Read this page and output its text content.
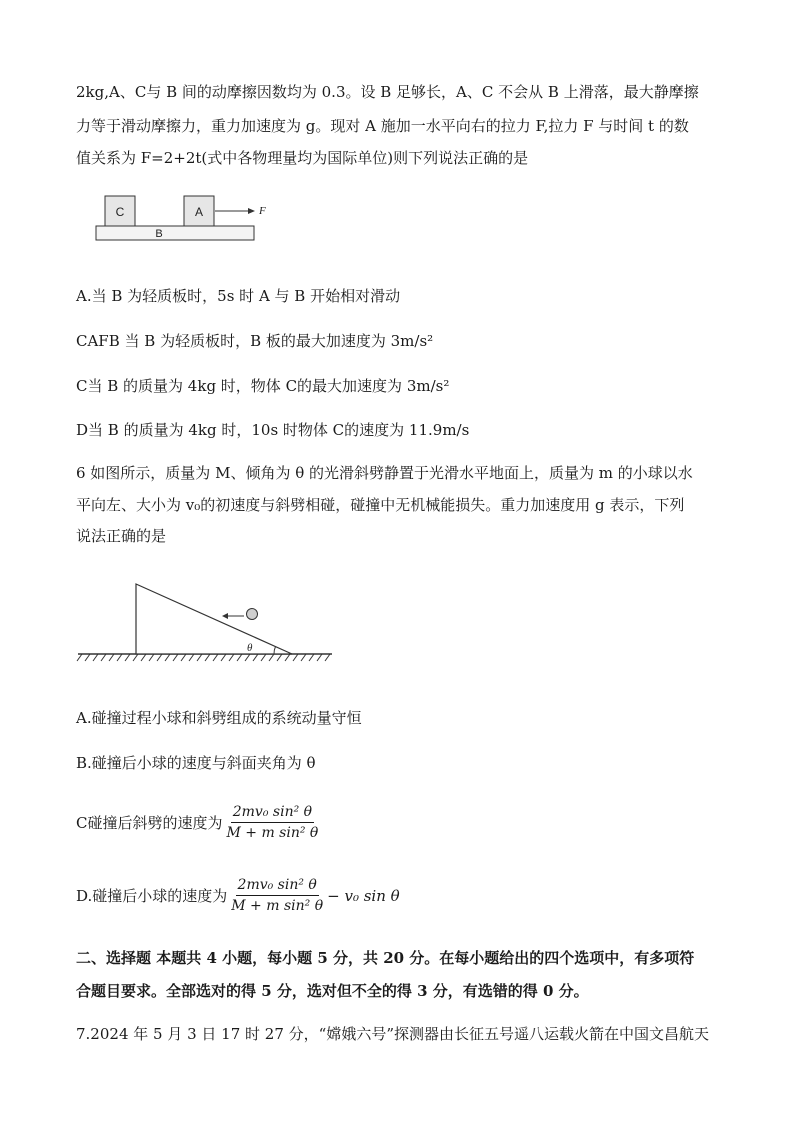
2kg,A、C与 B 间的动摩擦因数均为 0.3。设 B 足够长，A、C 不会从 B 上滑落，最大静摩擦
力等于滑动摩擦力，重力加速度为 g。现对 A 施加一水平向右的拉力 F,拉力 F 与时间 t 的数
值关系为 F=2+2t(式中各物理量均为国际单位)则下列说法正确的是
C	A
B
F
A.当 B 为轻质板时，5s 时 A 与 B 开始相对滑动
CAFB 当 B 为轻质板时，B 板的最大加速度为 3m/s²
C当 B 的质量为 4kg 时，物体 C的最大加速度为 3m/s²
D当 B 的质量为 4kg 时，10s 时物体 C的速度为 11.9m/s
6 如图所示，质量为 M、倾角为 θ 的光滑斜劈静置于光滑水平地面上，质量为 m 的小球以水
平向左、大小为 v₀的初速度与斜劈相碰，碰撞中无机械能损失。重力加速度用 g 表示，下列
说法正确的是
θ
A.碰撞过程小球和斜劈组成的系统动量守恒
B.碰撞后小球的速度与斜面夹角为 θ
C碰撞后斜劈的速度为 $\frac{\text{2mv₀ sin² θ}}{\text{M + m sin² θ}}$
D.碰撞后小球的速度为 $\frac{\text{2mv₀ sin² θ}}{\text{M + m sin² θ}} - v_0$ sin θ
二、选择题 本题共 4 小题，每小题 5 分，共 20 分。在每小题给出的四个选项中，有多项符
合题目要求。全部选对的得 5 分，选对但不全的得 3 分，有选错的得 0 分。
7.2024 年 5 月 3 日 17 时 27 分，“嫦娥六号”探测器由长征五号遥八运载火箭在中国文昌航天
